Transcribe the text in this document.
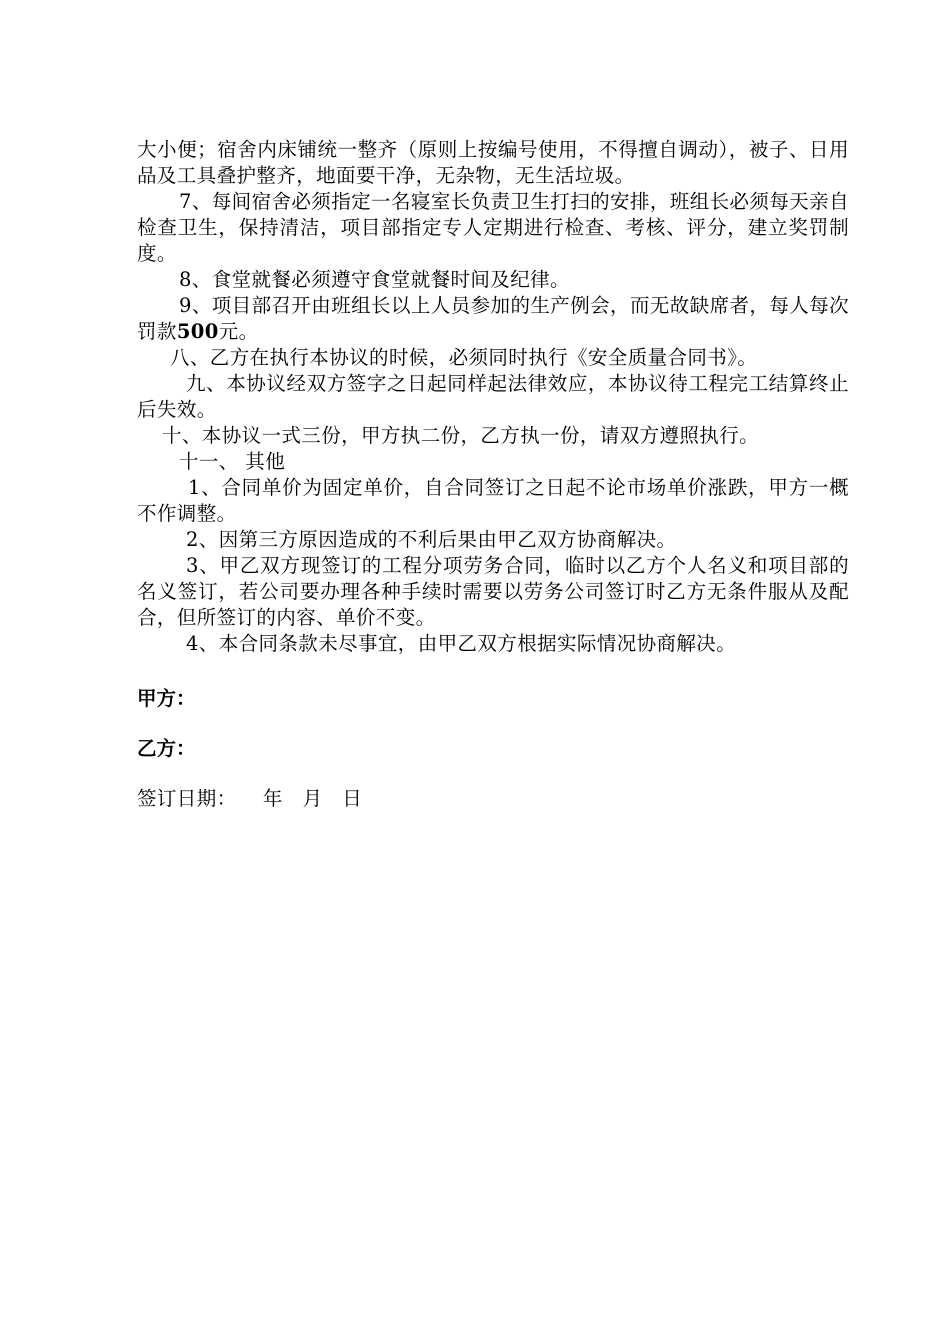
大小便；宿舍内床铺统一整齐（原则上按编号使用，不得擅自调动），被子、日用品及工具叠护整齐，地面要干净，无杂物，无生活垃圾。

7、每间宿舍必须指定一名寝室长负责卫生打扫的安排，班组长必须每天亲自检查卫生，保持清洁，项目部指定专人定期进行检查、考核、评分，建立奖罚制度。

8、食堂就餐必须遵守食堂就餐时间及纪律。

9、项目部召开由班组长以上人员参加的生产例会，而无故缺席者，每人每次罚款500元。

八、乙方在执行本协议的时候，必须同时执行《安全质量合同书》。

九、本协议经双方签字之日起同样起法律效应，本协议待工程完工结算终止后失效。

十、本协议一式三份，甲方执二份，乙方执一份，请双方遵照执行。

十一、 其他

1、合同单价为固定单价，自合同签订之日起不论市场单价涨跌，甲方一概不作调整。

2、因第三方原因造成的不利后果由甲乙双方协商解决。

3、甲乙双方现签订的工程分项劳务合同，临时以乙方个人名义和项目部的名义签订，若公司要办理各种手续时需要以劳务公司签订时乙方无条件服从及配合，但所签订的内容、单价不变。

4、本合同条款未尽事宜，由甲乙双方根据实际情况协商解决。

甲方：
乙方：
签订日期：    年   月   日
